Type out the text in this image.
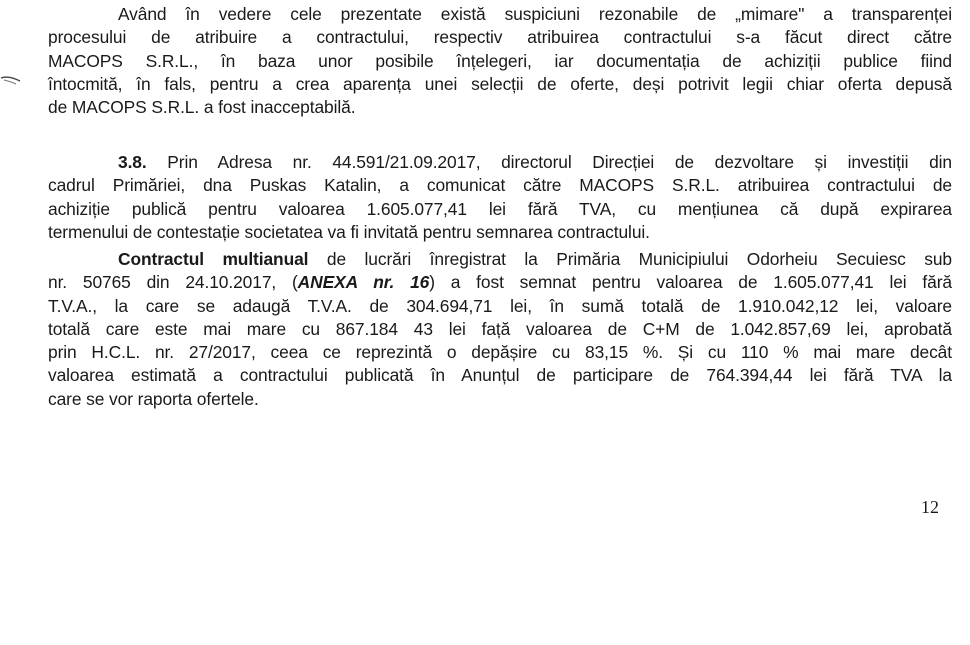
Având în vedere cele prezentate există suspiciuni rezonabile de „mimare" a transparenței
procesului de atribuire a contractului, respectiv atribuirea contractului s-a făcut direct către
MACOPS S.R.L., în baza unor posibile înțelegeri, iar documentația de achiziții publice fiind
întocmită, în fals, pentru a crea aparența unei selecții de oferte, deși potrivit legii chiar oferta depusă
de MACOPS S.R.L. a fost inacceptabilă.
3.8. Prin Adresa nr. 44.591/21.09.2017, directorul Direcției de dezvoltare și investiții din
cadrul Primăriei, dna Puskas Katalin, a comunicat către MACOPS S.R.L. atribuirea contractului de
achiziție publică pentru valoarea 1.605.077,41 lei fără TVA, cu mențiunea că după expirarea
termenului de contestație societatea va fi invitată pentru semnarea contractului.
Contractul multianual de lucrări înregistrat la Primăria Municipiului Odorheiu Secuiesc sub
nr. 50765 din 24.10.2017, (ANEXA nr. 16) a fost semnat pentru valoarea de 1.605.077,41 lei fără
T.V.A., la care se adaugă T.V.A. de 304.694,71 lei, în sumă totală de 1.910.042,12 lei, valoare
totală care este mai mare cu 867.184 43 lei față valoarea de C+M de 1.042.857,69 lei, aprobată
prin H.C.L. nr. 27/2017, ceea ce reprezintă o depășire cu 83,15 %. Și cu 110 % mai mare decât
valoarea estimată a contractului publicată în Anunțul de participare de 764.394,44 lei fără TVA la
care se vor raporta ofertele.
12
